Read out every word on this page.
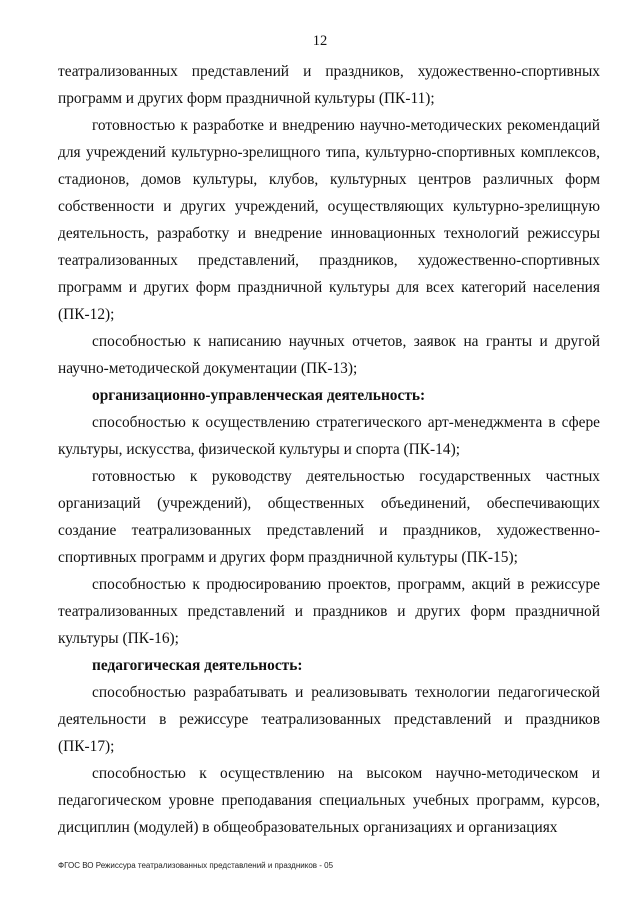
12

театрализованных представлений и праздников, художественно-спортивных программ и других форм праздничной культуры (ПК-11);

готовностью к разработке и внедрению научно-методических рекомендаций для учреждений культурно-зрелищного типа, культурно-спортивных комплексов, стадионов, домов культуры, клубов, культурных центров различных форм собственности и других учреждений, осуществляющих культурно-зрелищную деятельность, разработку и внедрение инновационных технологий режиссуры театрализованных представлений, праздников, художественно-спортивных программ и других форм праздничной культуры для всех категорий населения (ПК-12);

способностью к написанию научных отчетов, заявок на гранты и другой научно-методической документации (ПК-13);

организационно-управленческая деятельность:

способностью к осуществлению стратегического арт-менеджмента в сфере культуры, искусства, физической культуры и спорта (ПК-14);

готовностью к руководству деятельностью государственных частных организаций (учреждений), общественных объединений, обеспечивающих создание театрализованных представлений и праздников, художественно-спортивных программ и других форм праздничной культуры (ПК-15);

способностью к продюсированию проектов, программ, акций в режиссуре театрализованных представлений и праздников и других форм праздничной культуры (ПК-16);

педагогическая деятельность:

способностью разрабатывать и реализовывать технологии педагогической деятельности в режиссуре театрализованных представлений и праздников (ПК-17);

способностью к осуществлению на высоком научно-методическом и педагогическом уровне преподавания специальных учебных программ, курсов, дисциплин (модулей) в общеобразовательных организациях и организациях

ФГОС ВО Режиссура театрализованных представлений и праздников - 05
